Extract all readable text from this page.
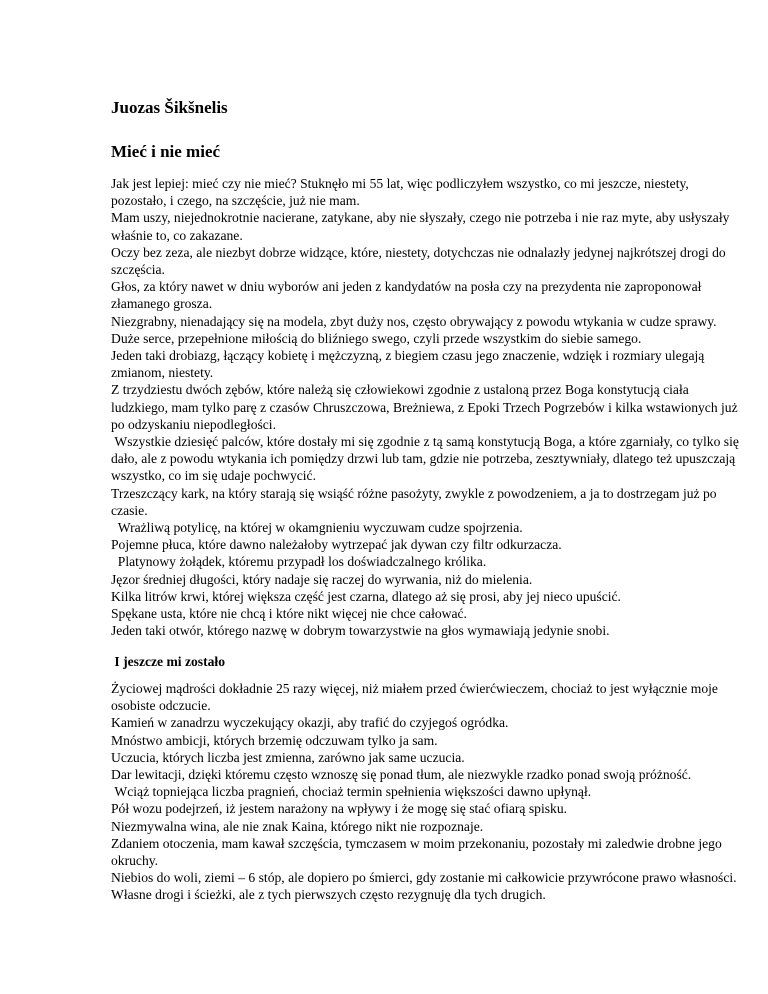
Juozas Šikšnelis
Mieć i nie mieć

Jak jest lepiej: mieć czy nie mieć? Stuknęło mi 55 lat, więc podliczyłem wszystko, co mi jeszcze, niestety, pozostało, i czego, na szczęście, już nie mam.

Mam uszy, niejednokrotnie nacierane, zatykane, aby nie słyszały, czego nie potrzeba i nie raz myte, aby usłyszały właśnie to, co zakazane.

Oczy bez zeza, ale niezbyt dobrze widzące, które, niestety, dotychczas nie odnalazły jedynej najkrótszej drogi do szczęścia.

Głos, za który nawet w dniu wyborów ani jeden z kandydatów na posła czy na prezydenta nie zaproponował złamanego grosza.

Niezgrabny, nienadający się na modela, zbyt duży nos, często obrywający z powodu wtykania w cudze sprawy.

Duże serce, przepełnione miłością do bliźniego swego, czyli przede wszystkim do siebie samego.

Jeden taki drobiazg, łączący kobietę i mężczyzną, z biegiem czasu jego znaczenie, wdzięk i rozmiary ulegają zmianom, niestety.

Z trzydziestu dwóch zębów, które należą się człowiekowi zgodnie z ustaloną przez Boga konstytucją ciała ludzkiego, mam tylko parę z czasów Chruszczowa, Breżniewa, z Epoki Trzech Pogrzebów i kilka wstawionych już po odzyskaniu niepodległości.

Wszystkie dziesięć palców, które dostały mi się zgodnie z tą samą konstytucją Boga, a które zgarniały, co tylko się dało, ale z powodu wtykania ich pomiędzy drzwi lub tam, gdzie nie potrzeba, zesztywniały, dlatego też upuszczają wszystko, co im się udaje pochwycić.

Trzeszczący kark, na który starają się wsiąść różne pasożyty, zwykle z powodzeniem, a ja to dostrzegam już po czasie.

Wrażliwą potylicę, na której w okamgnieniu wyczuwam cudze spojrzenia.

Pojemne płuca, które dawno należałoby wytrzepać jak dywan czy filtr odkurzacza.

Platynowy żołądek, któremu przypadł los doświadczalnego królika.

Jęzor średniej długości, który nadaje się raczej do wyrwania, niż do mielenia.

Kilka litrów krwi, której większa część jest czarna, dlatego aż się prosi, aby jej nieco upuścić.

Spękane usta, które nie chcą i które nikt więcej nie chce całować.

Jeden taki otwór, którego nazwę w dobrym towarzystwie na głos wymawiają jedynie snobi.

I jeszcze mi zostało

Życiowej mądrości dokładnie 25 razy więcej, niż miałem przed ćwierćwieczem, chociaż to jest wyłącznie moje osobiste odczucie.

Kamień w zanadrzu wyczekujący okazji, aby trafić do czyjegoś ogródka.

Mnóstwo ambicji, których brzemię odczuwam tylko ja sam.

Uczucia, których liczba jest zmienna, zarówno jak same uczucia.

Dar lewitacji, dzięki któremu często wznoszę się ponad tłum, ale niezwykle rzadko ponad swoją próżność.

Wciąż topniejąca liczba pragnień, chociaż termin spełnienia większości dawno upłynął.

Pół wozu podejrzeń, iż jestem narażony na wpływy i że mogę się stać ofiarą spisku.

Niezmywalna wina, ale nie znak Kaina, którego nikt nie rozpoznaje.

Zdaniem otoczenia, mam kawał szczęścia, tymczasem w moim przekonaniu, pozostały mi zaledwie drobne jego okruchy.

Niebios do woli, ziemi – 6 stóp, ale dopiero po śmierci, gdy zostanie mi całkowicie przywrócone prawo własności.

Własne drogi i ścieżki, ale z tych pierwszych często rezygnuję dla tych drugich.
